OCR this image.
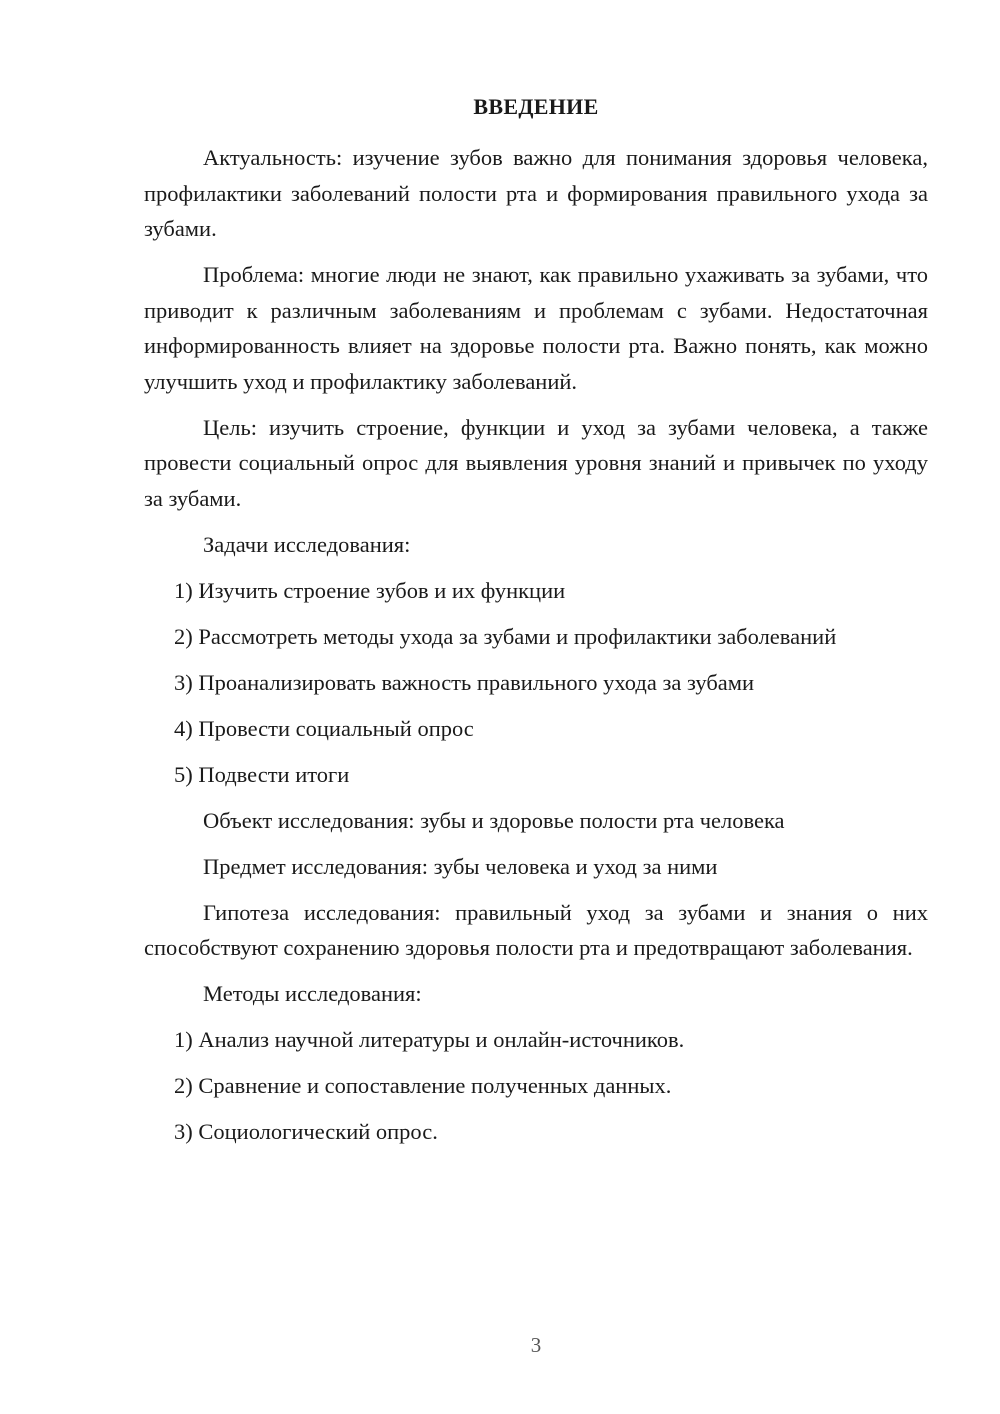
ВВЕДЕНИЕ

Актуальность: изучение зубов важно для понимания здоровья человека, профилактики заболеваний полости рта и формирования правильного ухода за зубами.

Проблема: многие люди не знают, как правильно ухаживать за зубами, что приводит к различным заболеваниям и проблемам с зубами. Недостаточная информированность влияет на здоровье полости рта. Важно понять, как можно улучшить уход и профилактику заболеваний.

Цель: изучить строение, функции и уход за зубами человека, а также провести социальный опрос для выявления уровня знаний и привычек по уходу за зубами.

Задачи исследования:
1) Изучить строение зубов и их функции
2) Рассмотреть методы ухода за зубами и профилактики заболеваний
3) Проанализировать важность правильного ухода за зубами
4) Провести социальный опрос
5) Подвести итоги
Объект исследования: зубы и здоровье полости рта человека
Предмет исследования: зубы человека и уход за ними

Гипотеза исследования: правильный уход за зубами и знания о них способствуют сохранению здоровья полости рта и предотвращают заболевания.

Методы исследования:
1) Анализ научной литературы и онлайн-источников.
2) Сравнение и сопоставление полученных данных.
3) Социологический опрос.
3
